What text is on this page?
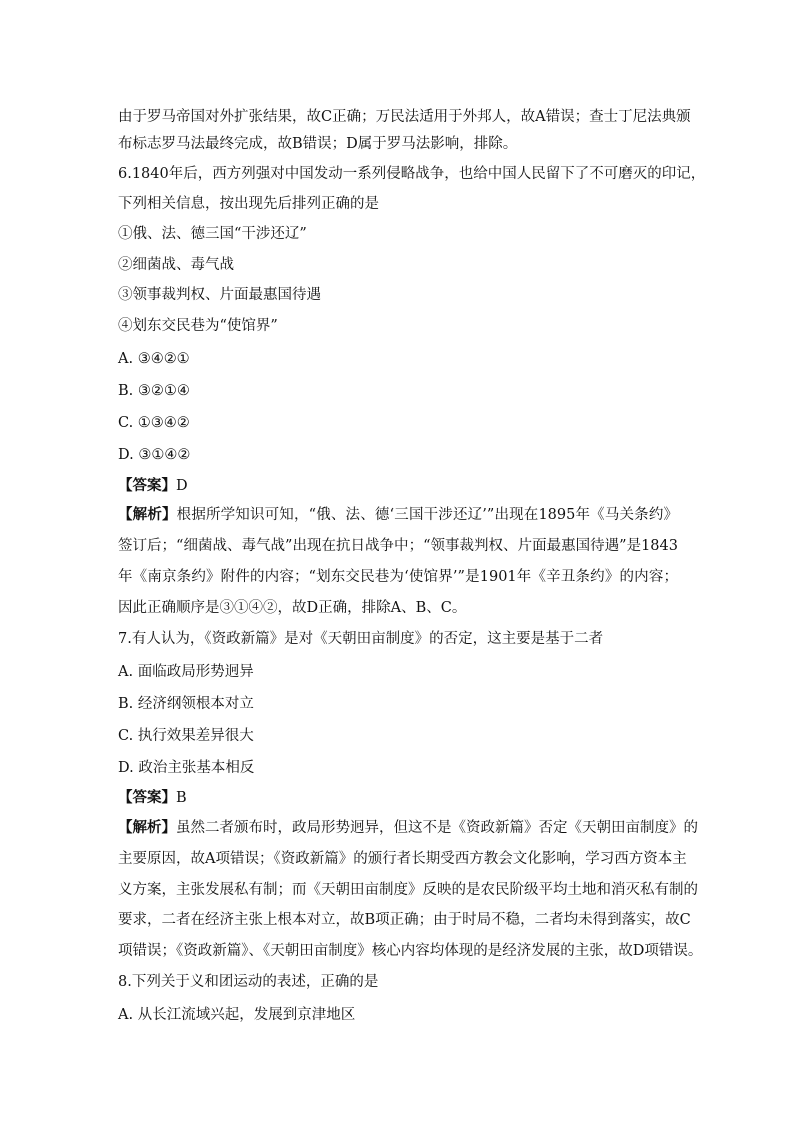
由于罗马帝国对外扩张结果，故C正确；万民法适用于外邦人，故A错误；查士丁尼法典颁
布标志罗马法最终完成，故B错误；D属于罗马法影响，排除。
6.1840年后，西方列强对中国发动一系列侵略战争，也给中国人民留下了不可磨灭的印记，
下列相关信息，按出现先后排列正确的是
①俄、法、德三国“干涉还辽”
②细菌战、毒气战
③领事裁判权、片面最惠国待遇
④划东交民巷为“使馆界”
A. ③④②①
B. ③②①④
C. ①③④②
D. ③①④②
【答案】D
【解析】根据所学知识可知，“俄、法、德‘三国干涉还辽’”出现在1895年《马关条约》
签订后；“细菌战、毒气战”出现在抗日战争中；“领事裁判权、片面最惠国待遇”是1843
年《南京条约》附件的内容；“划东交民巷为‘使馆界’”是1901年《辛丑条约》的内容；
因此正确顺序是③①④②，故D正确，排除A、B、C。
7.有人认为，《资政新篇》是对《天朝田亩制度》的否定，这主要是基于二者
A. 面临政局形势迥异
B. 经济纲领根本对立
C. 执行效果差异很大
D. 政治主张基本相反
【答案】B
【解析】虽然二者颁布时，政局形势迥异，但这不是《资政新篇》否定《天朝田亩制度》的
主要原因，故A项错误；《资政新篇》的颁行者长期受西方教会文化影响，学习西方资本主
义方案，主张发展私有制；而《天朝田亩制度》反映的是农民阶级平均土地和消灭私有制的
要求，二者在经济主张上根本对立，故B项正确；由于时局不稳，二者均未得到落实，故C
项错误；《资政新篇》、《天朝田亩制度》核心内容均体现的是经济发展的主张，故D项错误。
8.下列关于义和团运动的表述，正确的是
A. 从长江流域兴起，发展到京津地区
